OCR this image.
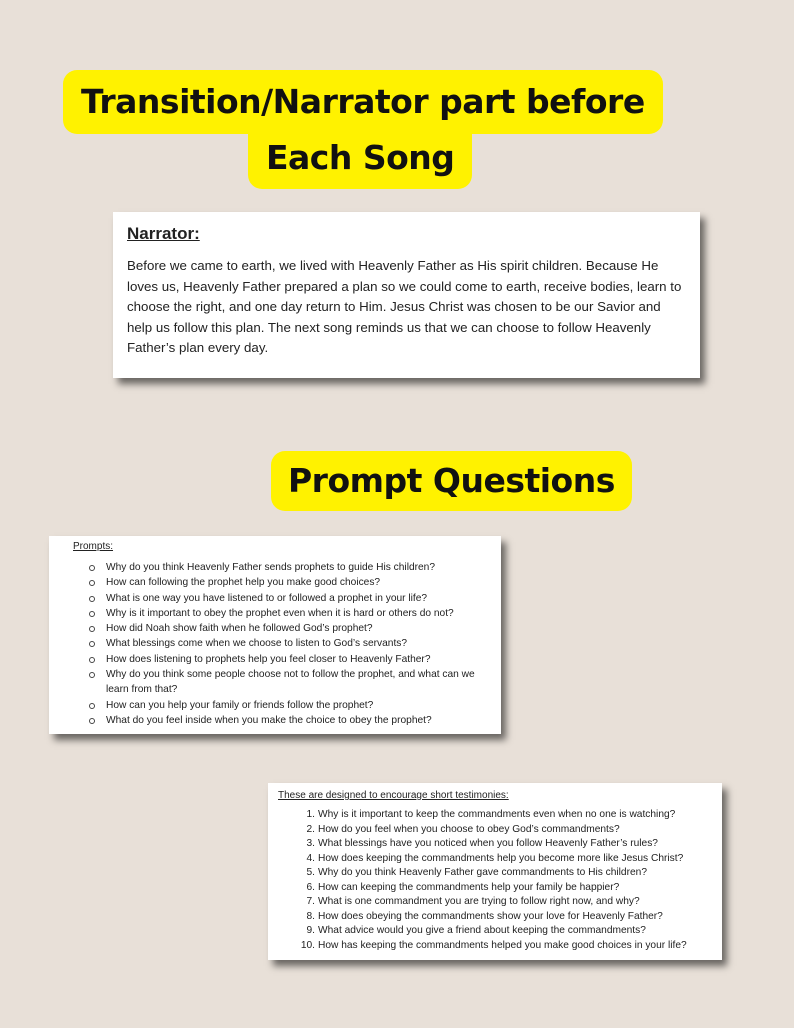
Transition/Narrator part before
Each Song
Narrator:
Before we came to earth, we lived with Heavenly Father as His spirit children. Because He loves us, Heavenly Father prepared a plan so we could come to earth, receive bodies, learn to choose the right, and one day return to Him. Jesus Christ was chosen to be our Savior and help us follow this plan. The next song reminds us that we can choose to follow Heavenly Father’s plan every day.
Prompt Questions
Prompts:
Why do you think Heavenly Father sends prophets to guide His children?
How can following the prophet help you make good choices?
What is one way you have listened to or followed a prophet in your life?
Why is it important to obey the prophet even when it is hard or others do not?
How did Noah show faith when he followed God’s prophet?
What blessings come when we choose to listen to God’s servants?
How does listening to prophets help you feel closer to Heavenly Father?
Why do you think some people choose not to follow the prophet, and what can we learn from that?
How can you help your family or friends follow the prophet?
What do you feel inside when you make the choice to obey the prophet?
These are designed to encourage short testimonies:
1. Why is it important to keep the commandments even when no one is watching?
2. How do you feel when you choose to obey God’s commandments?
3. What blessings have you noticed when you follow Heavenly Father’s rules?
4. How does keeping the commandments help you become more like Jesus Christ?
5. Why do you think Heavenly Father gave commandments to His children?
6. How can keeping the commandments help your family be happier?
7. What is one commandment you are trying to follow right now, and why?
8. How does obeying the commandments show your love for Heavenly Father?
9. What advice would you give a friend about keeping the commandments?
10. How has keeping the commandments helped you make good choices in your life?
